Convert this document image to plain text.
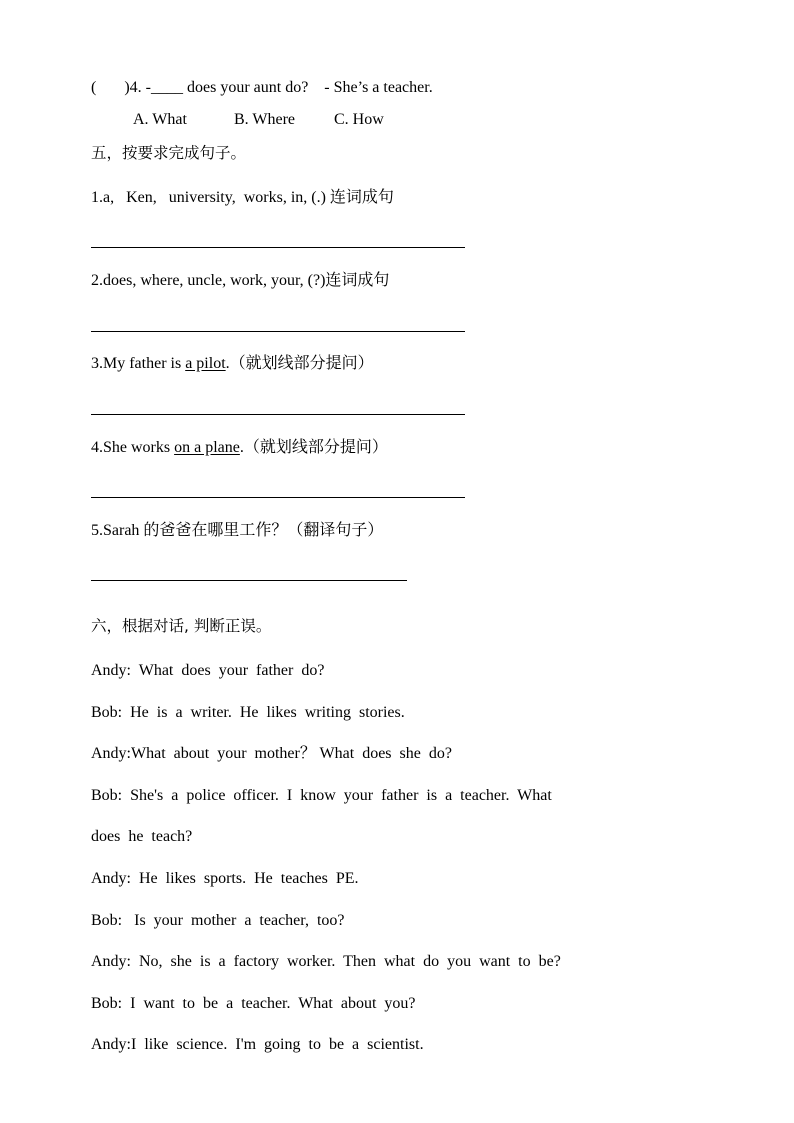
(       )4. -____ does your aunt do?    - She’s a teacher.
A. What	B. Where C. How
五，按要求完成句子。
1.a,   Ken,   university,  works, in, (.) 连词成句
2.does, where, uncle, work, your, (?)连词成句
3.My father is a pilot.（就划线部分提问）
4.She works on a plane.（就划线部分提问）
5.Sarah 的爸爸在哪里工作？（翻译句子）
六，根据对话, 判断正误。
Andy:  What  does  your  father  do?
Bob:  He  is  a  writer.  He  likes  writing  stories.
Andy:What  about  your  mother？ What  does  she  do?
Bob:  She's  a  police  officer.  I  know  your  father  is  a  teacher.  What
does  he  teach?
Andy:  He  likes  sports.  He  teaches  PE.
Bob:   Is  your  mother  a  teacher,  too?
Andy:  No,  she  is  a  factory  worker.  Then  what  do  you  want  to  be?
Bob:  I  want  to  be  a  teacher.  What  about  you?
Andy:I  like  science.  I'm  going  to  be  a  scientist.
